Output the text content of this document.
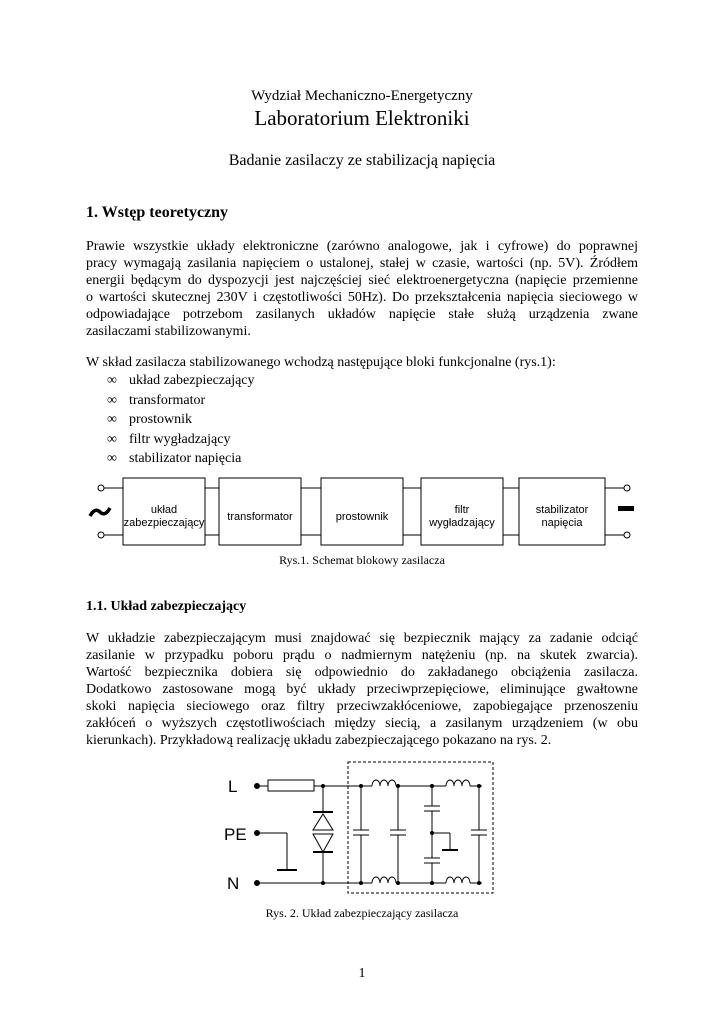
Wydział Mechaniczno-Energetyczny
Laboratorium Elektroniki
Badanie zasilaczy ze stabilizacją napięcia
1. Wstęp teoretyczny
Prawie wszystkie układy elektroniczne (zarówno analogowe, jak i cyfrowe) do poprawnej
pracy wymagają zasilania napięciem o ustalonej, stałej w czasie, wartości (np. 5V). Źródłem
energii będącym do dyspozycji jest najczęściej sieć elektroenergetyczna (napięcie przemienne
o wartości skutecznej 230V i częstotliwości 50Hz). Do przekształcenia napięcia sieciowego w
odpowiadające potrzebom zasilanych układów napięcie stałe służą urządzenia zwane
zasilaczami stabilizowanymi.
W skład zasilacza stabilizowanego wchodzą następujące bloki funkcjonalne (rys.1):
∞ układ zabezpieczający
∞ transformator
∞ prostownik
∞ filtr wygładzający
∞ stabilizator napięcia
układ
zabezpieczający transformator	prostownik
filtr
wygładzający
stabilizator
napięcia
Rys.1. Schemat blokowy zasilacza
1.1. Układ zabezpieczający
W układzie zabezpieczającym musi znajdować się bezpiecznik mający za zadanie odciąć
zasilanie w przypadku poboru prądu o nadmiernym natężeniu (np. na skutek zwarcia).
Wartość bezpiecznika dobiera się odpowiednio do zakładanego obciążenia zasilacza.
Dodatkowo zastosowane mogą być układy przeciwprzepięciowe, eliminujące gwałtowne
skoki napięcia sieciowego oraz filtry przeciwzakłóceniowe, zapobiegające przenoszeniu
zakłóceń o wyższych częstotliwościach między siecią, a zasilanym urządzeniem (w obu
kierunkach). Przykładową realizację układu zabezpieczającego pokazano na rys. 2.
L
PE
N
Rys. 2. Układ zabezpieczający zasilacza
1
